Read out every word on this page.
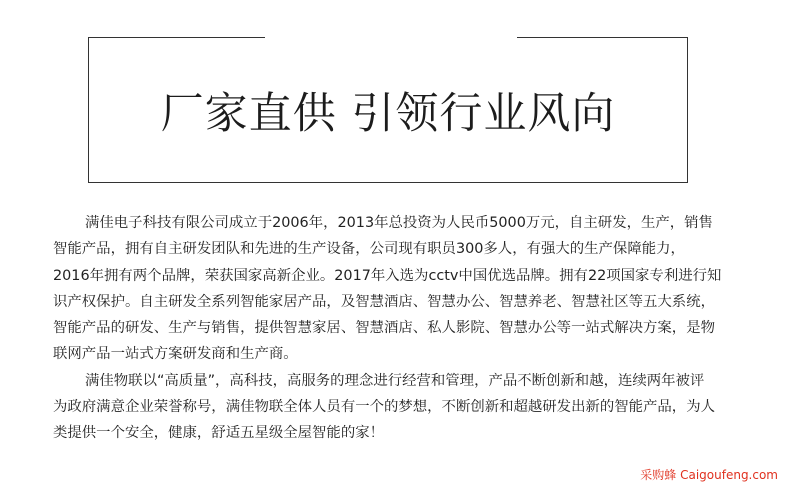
厂家直供 引领行业风向
满佳电子科技有限公司成立于2006年，2013年总投资为人民币5000万元，自主研发，生产，销售
智能产品，拥有自主研发团队和先进的生产设备，公司现有职员300多人，有强大的生产保障能力，
2016年拥有两个品牌，荣获国家高新企业。2017年入选为cctv中国优选品牌。拥有22项国家专利进行知
识产权保护。自主研发全系列智能家居产品，及智慧酒店、智慧办公、智慧养老、智慧社区等五大系统，
智能产品的研发、生产与销售，提供智慧家居、智慧酒店、私人影院、智慧办公等一站式解决方案，是物
联网产品一站式方案研发商和生产商。
满佳物联以“高质量”，高科技，高服务的理念进行经营和管理，产品不断创新和越，连续两年被评
为政府满意企业荣誉称号，满佳物联全体人员有一个的梦想，不断创新和超越研发出新的智能产品，为人
类提供一个安全，健康，舒适五星级全屋智能的家！
采购蜂 Caigoufeng.com
